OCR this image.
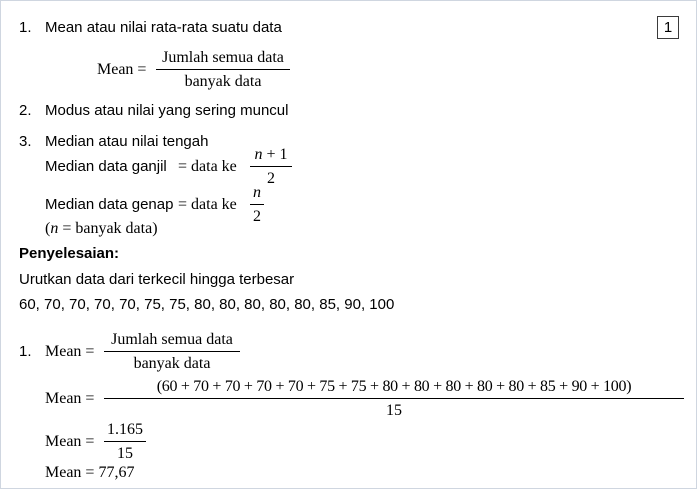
1
1. Mean atau nilai rata-rata suatu data
Mean =
Jumlah semua data
banyak data
2. Modus atau nilai yang sering muncul
3. Median atau nilai tengah
Median data ganjil = data ke
n + 1
2
Median data genap = data ke
n
2
(n = banyak data)
Penyelesaian:
Urutkan data dari terkecil hingga terbesar
60, 70, 70, 70, 70, 75, 75, 80, 80, 80, 80, 80, 85, 90, 100
1. Mean =
Jumlah semua data
banyak data
Mean =
(60 + 70 + 70 + 70 + 70 + 75 + 75 + 80 + 80 + 80 + 80 + 80 + 85 + 90 + 100)
15
Mean =
1.165
15
Mean = 77,67
